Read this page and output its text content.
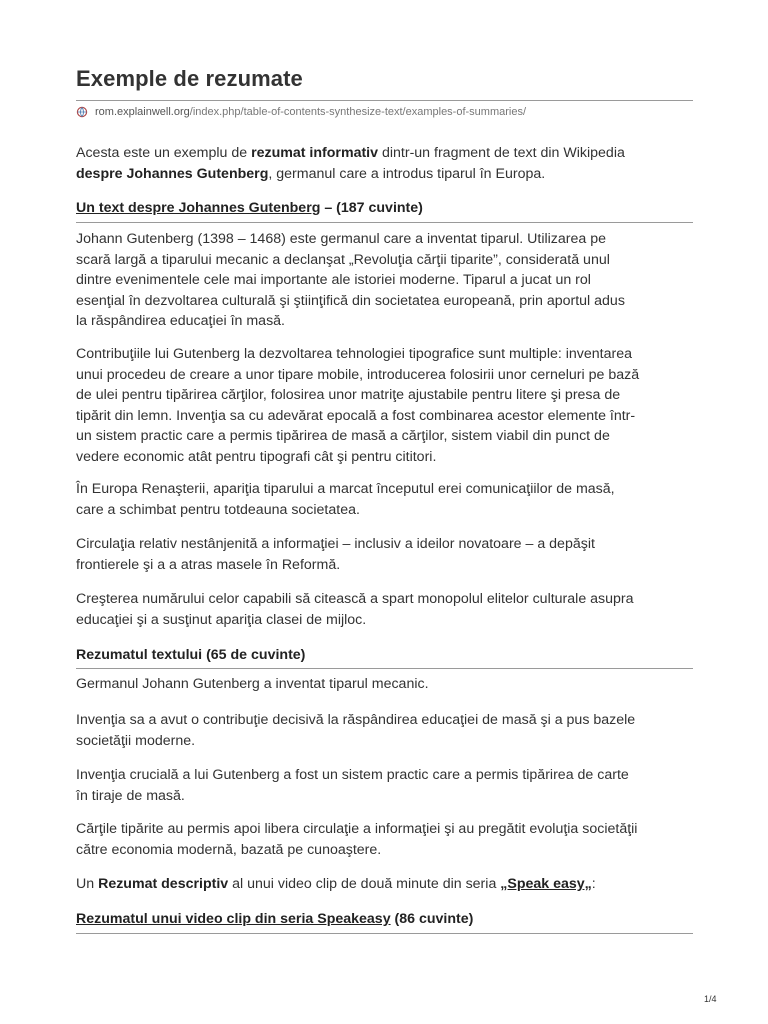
Exemple de rezumate
rom.explainwell.org /index.php/table-of-contents-synthesize-text/examples-of-summaries/

Acesta este un exemplu de rezumat informativ dintr-un fragment de text din Wikipedia
despre Johannes Gutenberg, germanul care a introdus tiparul în Europa.

Un text despre Johannes Gutenberg – (187 cuvinte)

Johann Gutenberg (1398 – 1468) este germanul care a inventat tiparul. Utilizarea pe
scară largă a tiparului mecanic a declanşat „Revoluţia cărţii tiparite”, considerată unul
dintre evenimentele cele mai importante ale istoriei moderne. Tiparul a jucat un rol
esenţial în dezvoltarea culturală şi ştiinţifică din societatea europeană, prin aportul adus
la răspândirea educaţiei în masă.

Contribuţiile lui Gutenberg la dezvoltarea tehnologiei tipografice sunt multiple: inventarea
unui procedeu de creare a unor tipare mobile, introducerea folosirii unor cerneluri pe bază
de ulei pentru tipărirea cărţilor, folosirea unor matriţe ajustabile pentru litere şi presa de
tipărit din lemn. Invenţia sa cu adevărat epocală a fost combinarea acestor elemente într-
un sistem practic care a permis tipărirea de masă a cărţilor, sistem viabil din punct de
vedere economic atât pentru tipografi cât şi pentru cititori.

În Europa Renaşterii, apariţia tiparului a marcat începutul erei comunicaţiilor de masă,
care a schimbat pentru totdeauna societatea.

Circulaţia relativ nestânjenită a informaţiei – inclusiv a ideilor novatoare – a depăşit
frontierele şi a a atras masele în Reformă.

Creşterea numărului celor capabili să citească a spart monopolul elitelor culturale asupra
educaţiei şi a susţinut apariţia clasei de mijloc.

Rezumatul textului (65 de cuvinte)

Germanul Johann Gutenberg a inventat tiparul mecanic.

Invenţia sa a avut o contribuţie decisivă la răspândirea educaţiei de masă şi a pus bazele
societăţii moderne.

Invenţia crucială a lui Gutenberg a fost un sistem practic care a permis tipărirea de carte
în tiraje de masă.

Cărţile tipărite au permis apoi libera circulaţie a informaţiei şi au pregătit evoluţia societăţii
către economia modernă, bazată pe cunoaştere.

Un Rezumat descriptiv al unui video clip de două minute din seria „Speak easy„:

Rezumatul unui video clip din seria Speakeasy (86 cuvinte)
1/4
